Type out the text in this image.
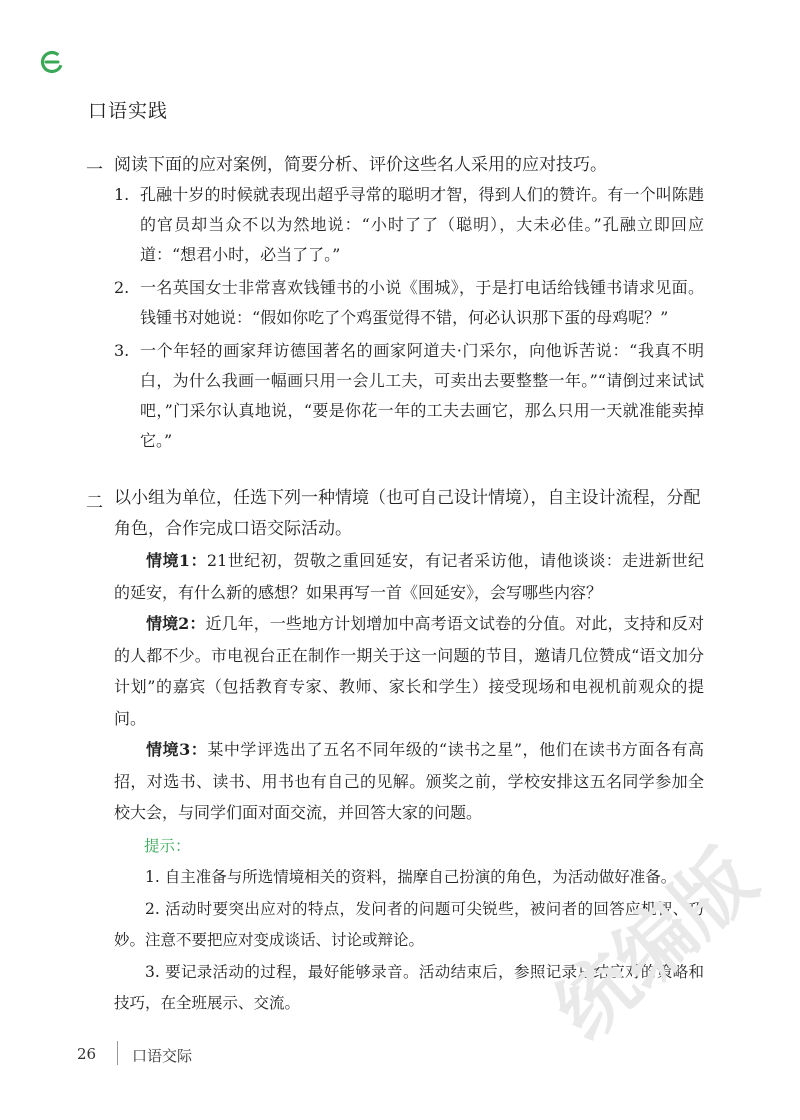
口语实践
一 阅读下面的应对案例，简要分析、评价这些名人采用的应对技巧。
1. 孔融十岁的时候就表现出超乎寻常的聪明才智，得到人们的赞许。有一个叫陈韪的官员却当众不以为然地说：“小时了了（聪明），大未必佳。”孔融立即回应道：“想君小时，必当了了。”
2. 一名英国女士非常喜欢钱锺书的小说《围城》，于是打电话给钱锺书请求见面。钱锺书对她说：“假如你吃了个鸡蛋觉得不错，何必认识那下蛋的母鸡呢？”
3. 一个年轻的画家拜访德国著名的画家阿道夫·门采尔，向他诉苦说：“我真不明白，为什么我画一幅画只用一会儿工夫，可卖出去要整整一年。”“请倒过来试试吧，”门采尔认真地说，“要是你花一年的工夫去画它，那么只用一天就准能卖掉它。”
二 以小组为单位，任选下列一种情境（也可自己设计情境），自主设计流程，分配角色，合作完成口语交际活动。

情境1：21世纪初，贺敬之重回延安，有记者采访他，请他谈谈：走进新世纪的延安，有什么新的感想？如果再写一首《回延安》，会写哪些内容？

情境2：近几年，一些地方计划增加中高考语文试卷的分值。对此，支持和反对的人都不少。市电视台正在制作一期关于这一问题的节目，邀请几位赞成“语文加分计划”的嘉宾（包括教育专家、教师、家长和学生）接受现场和电视机前观众的提问。

情境3：某中学评选出了五名不同年级的“读书之星”，他们在读书方面各有高招，对选书、读书、用书也有自己的见解。颁奖之前，学校安排这五名同学参加全校大会，与同学们面对面交流，并回答大家的问题。

提示：

1. 自主准备与所选情境相关的资料，揣摩自己扮演的角色，为活动做好准备。

2. 活动时要突出应对的特点，发问者的问题可尖锐些，被问者的回答应机智、巧妙。注意不要把应对变成谈话、讨论或辩论。

3. 要记录活动的过程，最好能够录音。活动结束后，参照记录总结应对的策略和技巧，在全班展示、交流。

26 口语交际	统编版
